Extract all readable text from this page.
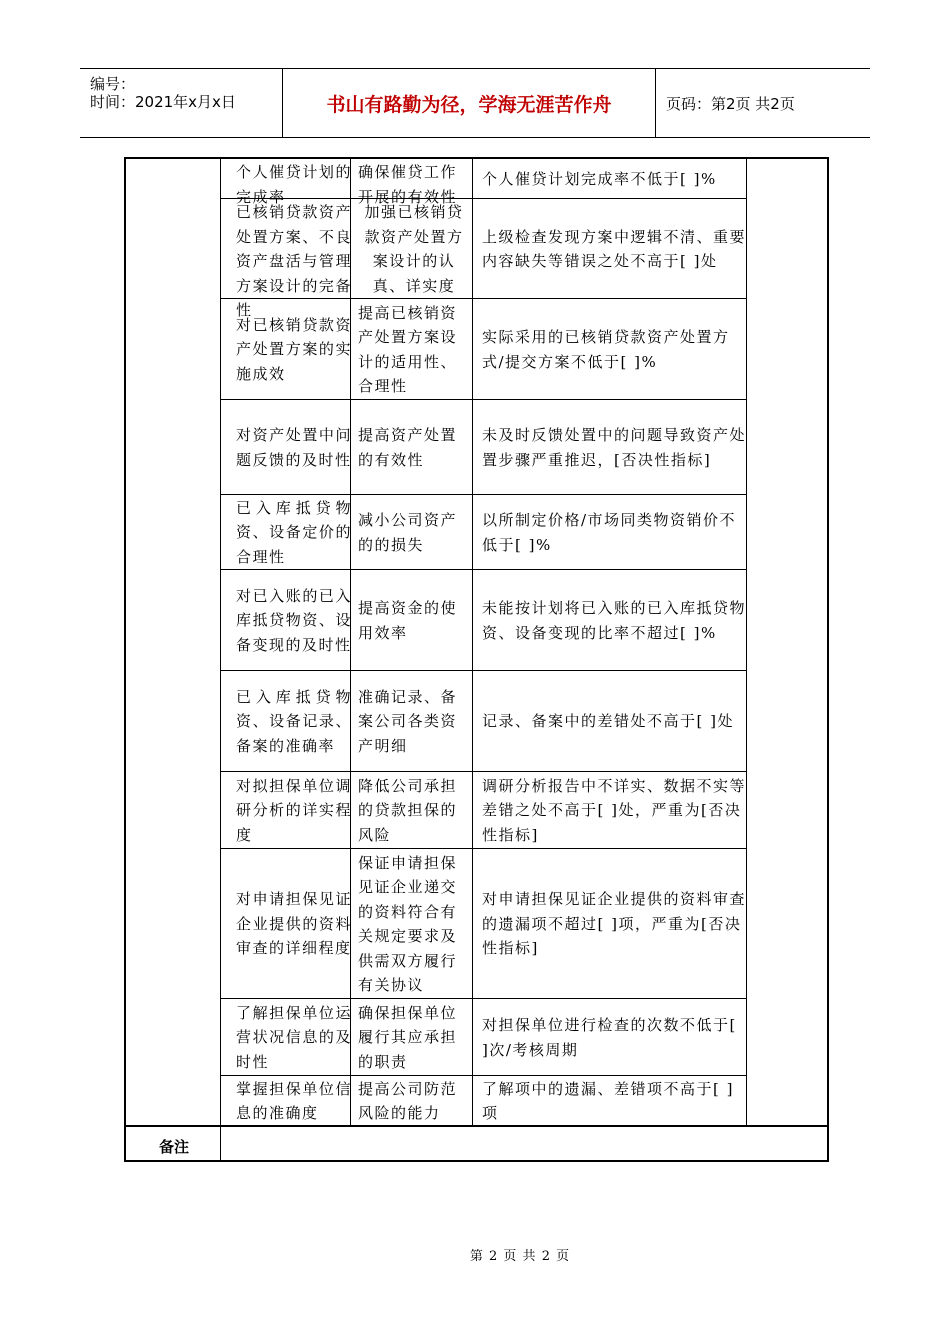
编号：
时间：2021年x月x日	书山有路勤为径，学海无涯苦作舟	页码：第2页 共2页
个人催贷计划的完成率
确保催贷工作开展的有效性
个人催贷计划完成率不低于[ ]%
已核销贷款资产处置方案、不良资产盘活与管理方案设计的完备性
加强已核销贷款资产处置方案设计的认真、详实度
上级检查发现方案中逻辑不清、重要内容缺失等错误之处不高于[ ]处
对已核销贷款资产处置方案的实施成效
提高已核销资产处置方案设计的适用性、合理性
实际采用的已核销贷款资产处置方式/提交方案不低于[ ]%
对资产处置中问题反馈的及时性
提高资产处置的有效性
未及时反馈处置中的问题导致资产处置步骤严重推迟，[否决性指标]
已入库抵贷物资、设备定价的合理性
减小公司资产的的损失
以所制定价格/市场同类物资销价不低于[ ]%
对已入账的已入库抵贷物资、设备变现的及时性
提高资金的使用效率
未能按计划将已入账的已入库抵贷物资、设备变现的比率不超过[ ]%
已入库抵贷物资、设备记录、备案的准确率
准确记录、备案公司各类资产明细
记录、备案中的差错处不高于[ ]处
对拟担保单位调研分析的详实程度
降低公司承担的贷款担保的风险
调研分析报告中不详实、数据不实等差错之处不高于[ ]处，严重为[否决性指标]
对申请担保见证企业提供的资料审查的详细程度
保证申请担保见证企业递交的资料符合有关规定要求及供需双方履行有关协议
对申请担保见证企业提供的资料审查的遗漏项不超过[ ]项，严重为[否决性指标]
了解担保单位运营状况信息的及时性
确保担保单位履行其应承担的职责
对担保单位进行检查的次数不低于[ ]次/考核周期
掌握担保单位信息的准确度
提高公司防范风险的能力
了解项中的遗漏、差错项不高于[ ]项
备注
第 2 页 共 2 页
